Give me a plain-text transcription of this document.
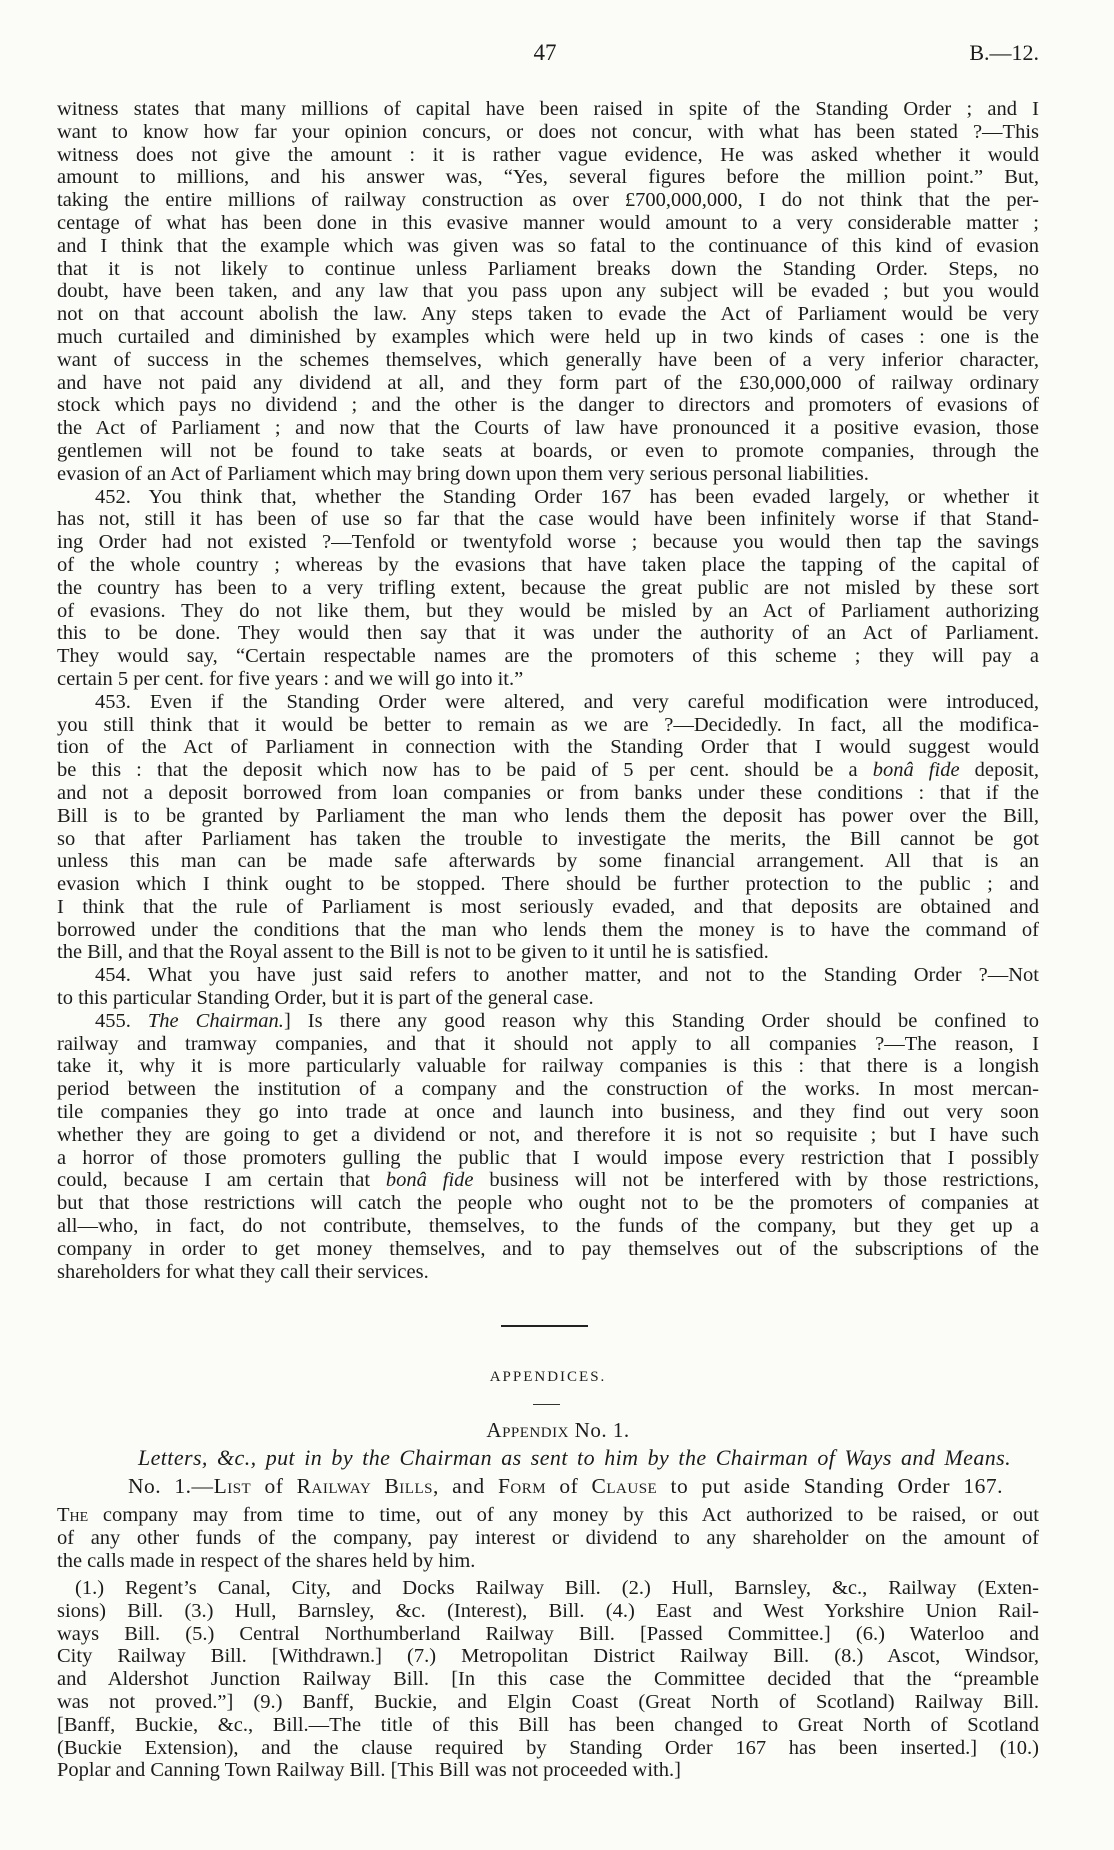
47	B.—12.
witness states that many millions of capital have been raised in spite of the Standing Order ; and I
want to know how far your opinion concurs, or does not concur, with what has been stated ?—This
witness does not give the amount : it is rather vague evidence, He was asked whether it would
amount to millions, and his answer was, “Yes, several figures before the million point.” But,
taking the entire millions of railway construction as over £700,000,000, I do not think that the per-
centage of what has been done in this evasive manner would amount to a very considerable matter ;
and I think that the example which was given was so fatal to the continuance of this kind of evasion
that it is not likely to continue unless Parliament breaks down the Standing Order. Steps, no
doubt, have been taken, and any law that you pass upon any subject will be evaded ; but you would
not on that account abolish the law. Any steps taken to evade the Act of Parliament would be very
much curtailed and diminished by examples which were held up in two kinds of cases : one is the
want of success in the schemes themselves, which generally have been of a very inferior character,
and have not paid any dividend at all, and they form part of the £30,000,000 of railway ordinary
stock which pays no dividend ; and the other is the danger to directors and promoters of evasions of
the Act of Parliament ; and now that the Courts of law have pronounced it a positive evasion, those
gentlemen will not be found to take seats at boards, or even to promote companies, through the
evasion of an Act of Parliament which may bring down upon them very serious personal liabilities.
452. You think that, whether the Standing Order 167 has been evaded largely, or whether it
has not, still it has been of use so far that the case would have been infinitely worse if that Stand-
ing Order had not existed ?—Tenfold or twentyfold worse ; because you would then tap the savings
of the whole country ; whereas by the evasions that have taken place the tapping of the capital of
the country has been to a very trifling extent, because the great public are not misled by these sort
of evasions. They do not like them, but they would be misled by an Act of Parliament authorizing
this to be done. They would then say that it was under the authority of an Act of Parliament.
They would say, “Certain respectable names are the promoters of this scheme ; they will pay a
certain 5 per cent. for five years : and we will go into it.”
453. Even if the Standing Order were altered, and very careful modification were introduced,
you still think that it would be better to remain as we are ?—Decidedly. In fact, all the modifica-
tion of the Act of Parliament in connection with the Standing Order that I would suggest would
be this : that the deposit which now has to be paid of 5 per cent. should be a bonâ fide deposit,
and not a deposit borrowed from loan companies or from banks under these conditions : that if the
Bill is to be granted by Parliament the man who lends them the deposit has power over the Bill,
so that after Parliament has taken the trouble to investigate the merits, the Bill cannot be got
unless this man can be made safe afterwards by some financial arrangement. All that is an
evasion which I think ought to be stopped. There should be further protection to the public ; and
I think that the rule of Parliament is most seriously evaded, and that deposits are obtained and
borrowed under the conditions that the man who lends them the money is to have the command of
the Bill, and that the Royal assent to the Bill is not to be given to it until he is satisfied.
454. What you have just said refers to another matter, and not to the Standing Order ?—Not
to this particular Standing Order, but it is part of the general case.
455. The Chairman.] Is there any good reason why this Standing Order should be confined to
railway and tramway companies, and that it should not apply to all companies ?—The reason, I
take it, why it is more particularly valuable for railway companies is this : that there is a longish
period between the institution of a company and the construction of the works. In most mercan-
tile companies they go into trade at once and launch into business, and they find out very soon
whether they are going to get a dividend or not, and therefore it is not so requisite ; but I have such
a horror of those promoters gulling the public that I would impose every restriction that I possibly
could, because I am certain that bonâ fide business will not be interfered with by those restrictions,
but that those restrictions will catch the people who ought not to be the promoters of companies at
all—who, in fact, do not contribute, themselves, to the funds of the company, but they get up a
company in order to get money themselves, and to pay themselves out of the subscriptions of the
shareholders for what they call their services.
APPENDICES.
Appendix No. 1.
Letters, &c., put in by the Chairman as sent to him by the Chairman of Ways and Means.
No. 1.—List of Railway Bills, and Form of Clause to put aside Standing Order 167.
The company may from time to time, out of any money by this Act authorized to be raised, or out
of any other funds of the company, pay interest or dividend to any shareholder on the amount of
the calls made in respect of the shares held by him.
(1.) Regent’s Canal, City, and Docks Railway Bill. (2.) Hull, Barnsley, &c., Railway (Exten-
sions) Bill. (3.) Hull, Barnsley, &c. (Interest), Bill. (4.) East and West Yorkshire Union Rail-
ways Bill. (5.) Central Northumberland Railway Bill. [Passed Committee.] (6.) Waterloo and
City Railway Bill. [Withdrawn.] (7.) Metropolitan District Railway Bill. (8.) Ascot, Windsor,
and Aldershot Junction Railway Bill. [In this case the Committee decided that the “preamble
was not proved.”] (9.) Banff, Buckie, and Elgin Coast (Great North of Scotland) Railway Bill.
[Banff, Buckie, &c., Bill.—The title of this Bill has been changed to Great North of Scotland
(Buckie Extension), and the clause required by Standing Order 167 has been inserted.] (10.)
Poplar and Canning Town Railway Bill. [This Bill was not proceeded with.]
